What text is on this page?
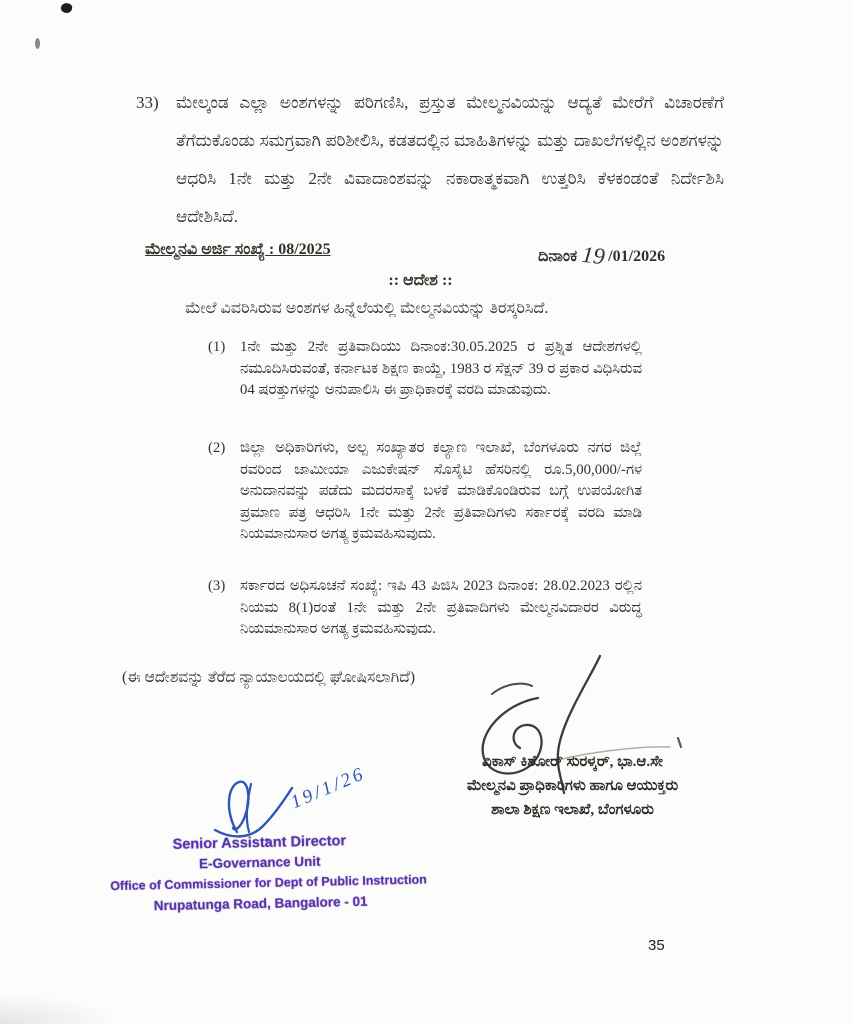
33)	ಮೇಲ್ಕಂಡ ಎಲ್ಲಾ ಅಂಶಗಳನ್ನು ಪರಿಗಣಿಸಿ, ಪ್ರಸ್ತುತ ಮೇಲ್ಮನವಿಯನ್ನು ಆದ್ಯತೆ ಮೇರೆಗೆ ವಿಚಾರಣೆಗೆ ತೆಗೆದುಕೊಂಡು ಸಮಗ್ರವಾಗಿ ಪರಿಶೀಲಿಸಿ, ಕಡತದಲ್ಲಿನ ಮಾಹಿತಿಗಳನ್ನು ಮತ್ತು ದಾಖಲೆಗಳಲ್ಲಿನ ಅಂಶಗಳನ್ನು ಆಧರಿಸಿ 1ನೇ ಮತ್ತು 2ನೇ ವಿವಾದಾಂಶವನ್ನು ನಕಾರಾತ್ಮಕವಾಗಿ ಉತ್ತರಿಸಿ ಕೆಳಕಂಡಂತೆ ನಿರ್ದೇಶಿಸಿ ಆದೇಶಿಸಿದೆ.
ಮೇಲ್ಮನವಿ ಅರ್ಜಿ ಸಂಖ್ಯೆ : 08/2025	ದಿನಾಂಕ 19 /01/2026
:: ಆದೇಶ ::
ಮೇಲೆ ವಿವರಿಸಿರುವ ಅಂಶಗಳ ಹಿನ್ನೆಲೆಯಲ್ಲಿ ಮೇಲ್ಮನವಿಯನ್ನು ತಿರಸ್ಕರಿಸಿದೆ.
(1) 1ನೇ ಮತ್ತು 2ನೇ ಪ್ರತಿವಾದಿಯು ದಿನಾಂಕ:30.05.2025 ರ ಪ್ರಶ್ನಿತ ಆದೇಶಗಳಲ್ಲಿ ನಮೂದಿಸಿರುವಂತೆ, ಕರ್ನಾಟಕ ಶಿಕ್ಷಣ ಕಾಯ್ದೆ, 1983 ರ ಸೆಕ್ಷನ್ 39 ರ ಪ್ರಕಾರ ವಿಧಿಸಿರುವ 04 ಷರತ್ತುಗಳನ್ನು ಅನುಪಾಲಿಸಿ ಈ ಪ್ರಾಧಿಕಾರಕ್ಕೆ ವರದಿ ಮಾಡುವುದು.
(2) ಜಿಲ್ಲಾ ಅಧಿಕಾರಿಗಳು, ಅಲ್ಪ ಸಂಖ್ಯಾತರ ಕಲ್ಯಾಣ ಇಲಾಖೆ, ಬೆಂಗಳೂರು ನಗರ ಜಿಲ್ಲೆ ರವರಿಂದ ಜಾಮೀಯಾ ಎಜುಕೇಷನ್ ಸೊಸೈಟಿ ಹೆಸರಿನಲ್ಲಿ ರೂ.5,00,000/-ಗಳ ಅನುದಾನವನ್ನು ಪಡೆದು ಮದರಸಾಕ್ಕೆ ಬಳಕೆ ಮಾಡಿಕೊಂಡಿರುವ ಬಗ್ಗೆ ಉಪಯೋಗಿತ ಪ್ರಮಾಣ ಪತ್ರ ಆಧರಿಸಿ 1ನೇ ಮತ್ತು 2ನೇ ಪ್ರತಿವಾದಿಗಳು ಸರ್ಕಾರಕ್ಕೆ ವರದಿ ಮಾಡಿ ನಿಯಮಾನುಸಾರ ಅಗತ್ಯ ಕ್ರಮವಹಿಸುವುದು.
(3) ಸರ್ಕಾರದ ಅಧಿಸೂಚನೆ ಸಂಖ್ಯೆ: ಇಪಿ 43 ಪಿಜಿಸಿ 2023 ದಿನಾಂಕ: 28.02.2023 ರಲ್ಲಿನ ನಿಯಮ 8(1)ರಂತೆ 1ನೇ ಮತ್ತು 2ನೇ ಪ್ರತಿವಾದಿಗಳು ಮೇಲ್ಮನವಿದಾರರ ವಿರುದ್ಧ ನಿಯಮಾನುಸಾರ ಅಗತ್ಯ ಕ್ರಮವಹಿಸುವುದು.
(ಈ ಆದೇಶವನ್ನು ತೆರೆದ ನ್ಯಾಯಾಲಯದಲ್ಲಿ ಘೋಷಿಸಲಾಗಿದೆ)
ವಿಕಾಸ್ ಕಿಶೋರ್ ಸುರಳ್ಕರ್, ಭಾ.ಆ.ಸೇ
ಮೇಲ್ಮನವಿ ಪ್ರಾಧಿಕಾರಿಗಳು ಹಾಗೂ ಆಯುಕ್ತರು
ಶಾಲಾ ಶಿಕ್ಷಣ ಇಲಾಖೆ, ಬೆಂಗಳೂರು
19/1/26
Senior Assistant Director
E-Governance Unit
Office of Commissioner for Dept of Public Instruction
Nrupatunga Road, Bangalore - 01
35
